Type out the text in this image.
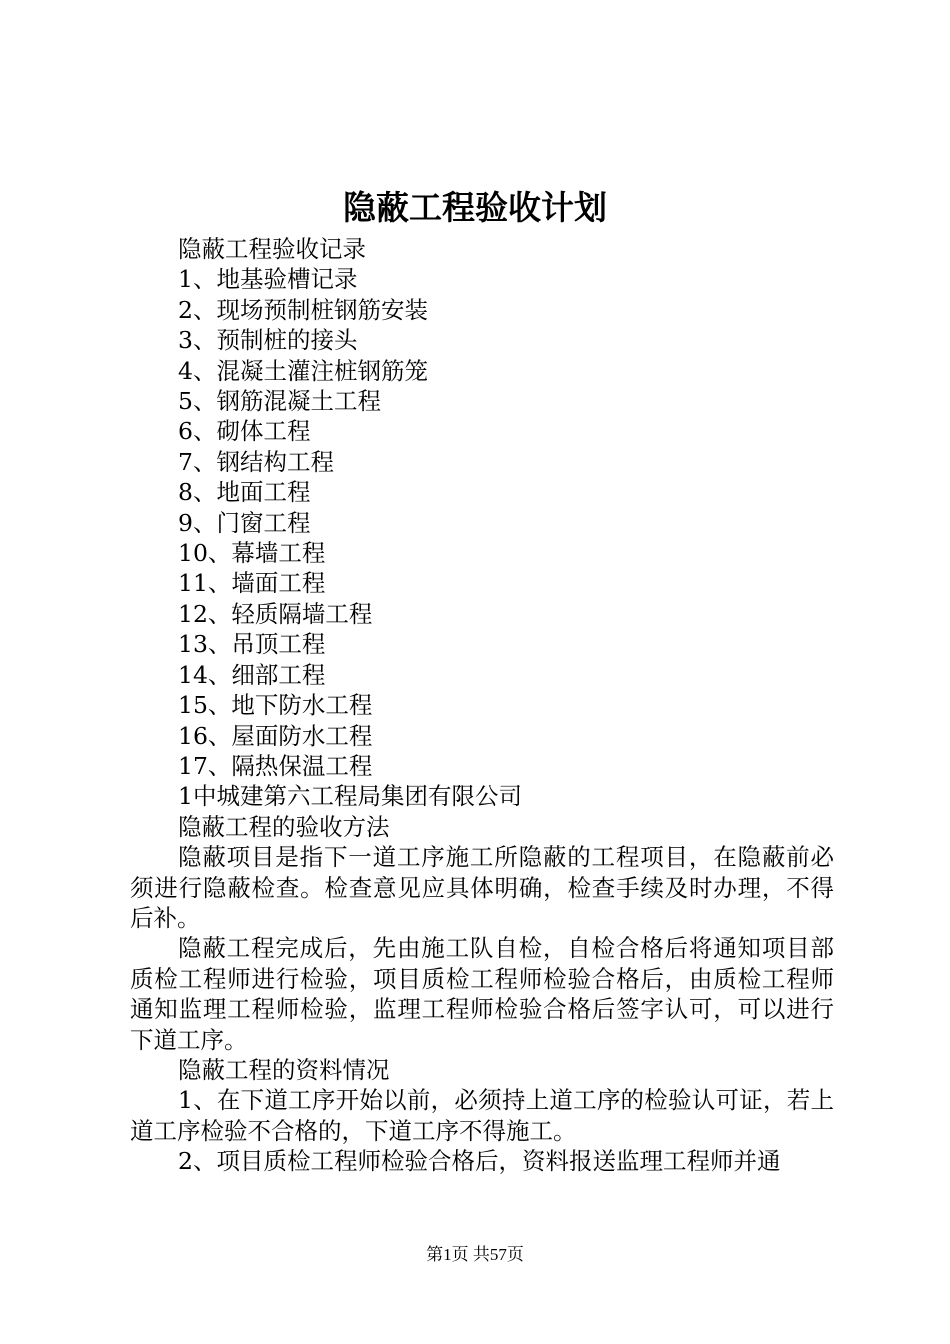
隐蔽工程验收计划
隐蔽工程验收记录
1、地基验槽记录
2、现场预制桩钢筋安装
3、预制桩的接头
4、混凝土灌注桩钢筋笼
5、钢筋混凝土工程
6、砌体工程
7、钢结构工程
8、地面工程
9、门窗工程
10、幕墙工程
11、墙面工程
12、轻质隔墙工程
13、吊顶工程
14、细部工程
15、地下防水工程
16、屋面防水工程
17、隔热保温工程
1中城建第六工程局集团有限公司
隐蔽工程的验收方法
隐蔽项目是指下一道工序施工所隐蔽的工程项目，在隐蔽前必须进行隐蔽检查。检查意见应具体明确，检查手续及时办理，不得后补。
隐蔽工程完成后，先由施工队自检，自检合格后将通知项目部质检工程师进行检验，项目质检工程师检验合格后，由质检工程师通知监理工程师检验，监理工程师检验合格后签字认可，可以进行下道工序。
隐蔽工程的资料情况
1、在下道工序开始以前，必须持上道工序的检验认可证，若上道工序检验不合格的，下道工序不得施工。
2、项目质检工程师检验合格后，资料报送监理工程师并通
第1页 共57页
